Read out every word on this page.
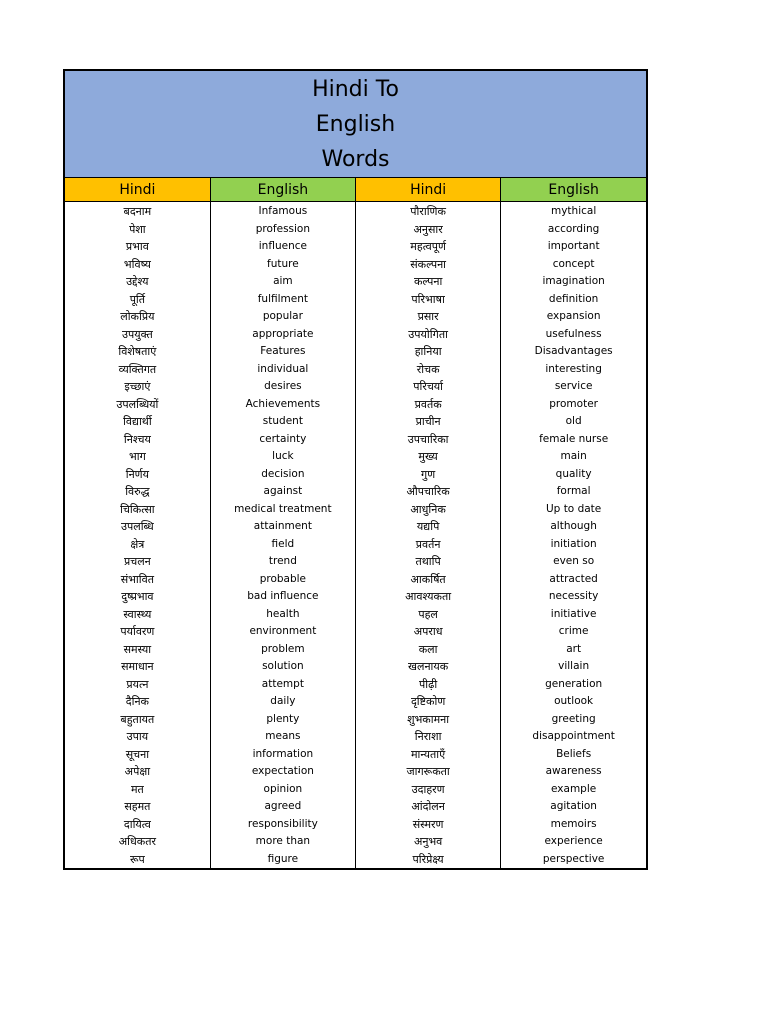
Hindi To
English
Words
Hindi	English	Hindi	English
बदनाम	Infamous	पौराणिक	mythical
पेशा	profession	अनुसार	according
प्रभाव	influence	महत्वपूर्ण	important
भविष्य	future	संकल्पना	concept
उद्देश्य	aim	कल्पना	imagination
पूर्ति	fulfilment	परिभाषा	definition
लोकप्रिय	popular	प्रसार	expansion
उपयुक्त	appropriate	उपयोगिता	usefulness
विशेषताएं	Features	हानिया	Disadvantages
व्यक्तिगत	individual	रोचक	interesting
इच्छाएं	desires	परिचर्या	service
उपलब्धियों	Achievements	प्रवर्तक	promoter
विद्यार्थी	student	प्राचीन	old
निश्चय	certainty	उपचारिका	female nurse
भाग	luck	मुख्य	main
निर्णय	decision	गुण	quality
विरुद्ध	against	औपचारिक	formal
चिकित्सा	medical treatment	आधुनिक	Up to date
उपलब्धि	attainment	यद्यपि	although
क्षेत्र	field	प्रवर्तन	initiation
प्रचलन	trend	तथापि	even so
संभावित	probable	आकर्षित	attracted
दुष्प्रभाव	bad influence	आवश्यकता	necessity
स्वास्थ्य	health	पहल	initiative
पर्यावरण	environment	अपराध	crime
समस्या	problem	कला	art
समाधान	solution	खलनायक	villain
प्रयत्न	attempt	पीढ़ी	generation
दैनिक	daily	दृष्टिकोण	outlook
बहुतायत	plenty	शुभकामना	greeting
उपाय	means	निराशा	disappointment
सूचना	information	मान्यताएँ	Beliefs
अपेक्षा	expectation	जागरूकता	awareness
मत	opinion	उदाहरण	example
सहमत	agreed	आंदोलन	agitation
दायित्व	responsibility	संस्मरण	memoirs
अधिकतर	more than	अनुभव	experience
रूप	figure	परिप्रेक्ष्य	perspective
